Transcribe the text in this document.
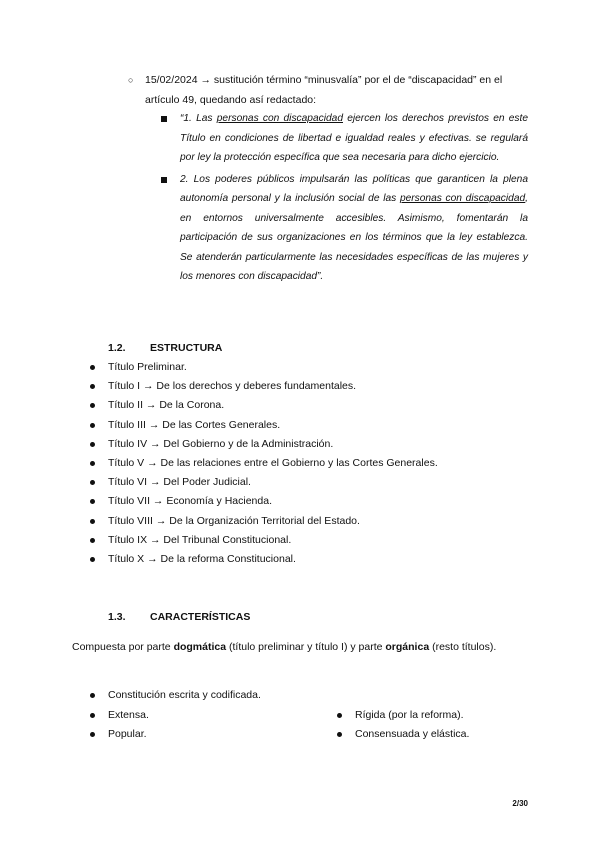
○	15/02/2024 → sustitución término “minusvalía” por el de “discapacidad” en el artículo 49, quedando así redactado:
“1. Las personas con discapacidad ejercen los derechos previstos en este Título en condiciones de libertad e igualdad reales y efectivas. se regulará por ley la protección específica que sea necesaria para dicho ejercicio.
2. Los poderes públicos impulsarán las políticas que garanticen la plena autonomía personal y la inclusión social de las personas con discapacidad, en entornos universalmente accesibles. Asimismo, fomentarán la participación de sus organizaciones en los términos que la ley establezca. Se atenderán particularmente las necesidades específicas de las mujeres y los menores con discapacidad”.
1.2. ESTRUCTURA
Título Preliminar.
Título I → De los derechos y deberes fundamentales.
Título II → De la Corona.
Título III → De las Cortes Generales.
Título IV → Del Gobierno y de la Administración.
Título V → De las relaciones entre el Gobierno y las Cortes Generales.
Título VI → Del Poder Judicial.
Título VII → Economía y Hacienda.
Título VIII → De la Organización Territorial del Estado.
Título IX → Del Tribunal Constitucional.
Título X → De la reforma Constitucional.
1.3. CARACTERÍSTICAS
Compuesta por parte dogmática (título preliminar y título I) y parte orgánica (resto títulos).
Constitución escrita y codificada.
Extensa.
Popular.
Rígida (por la reforma).
Consensuada y elástica.
2/30
